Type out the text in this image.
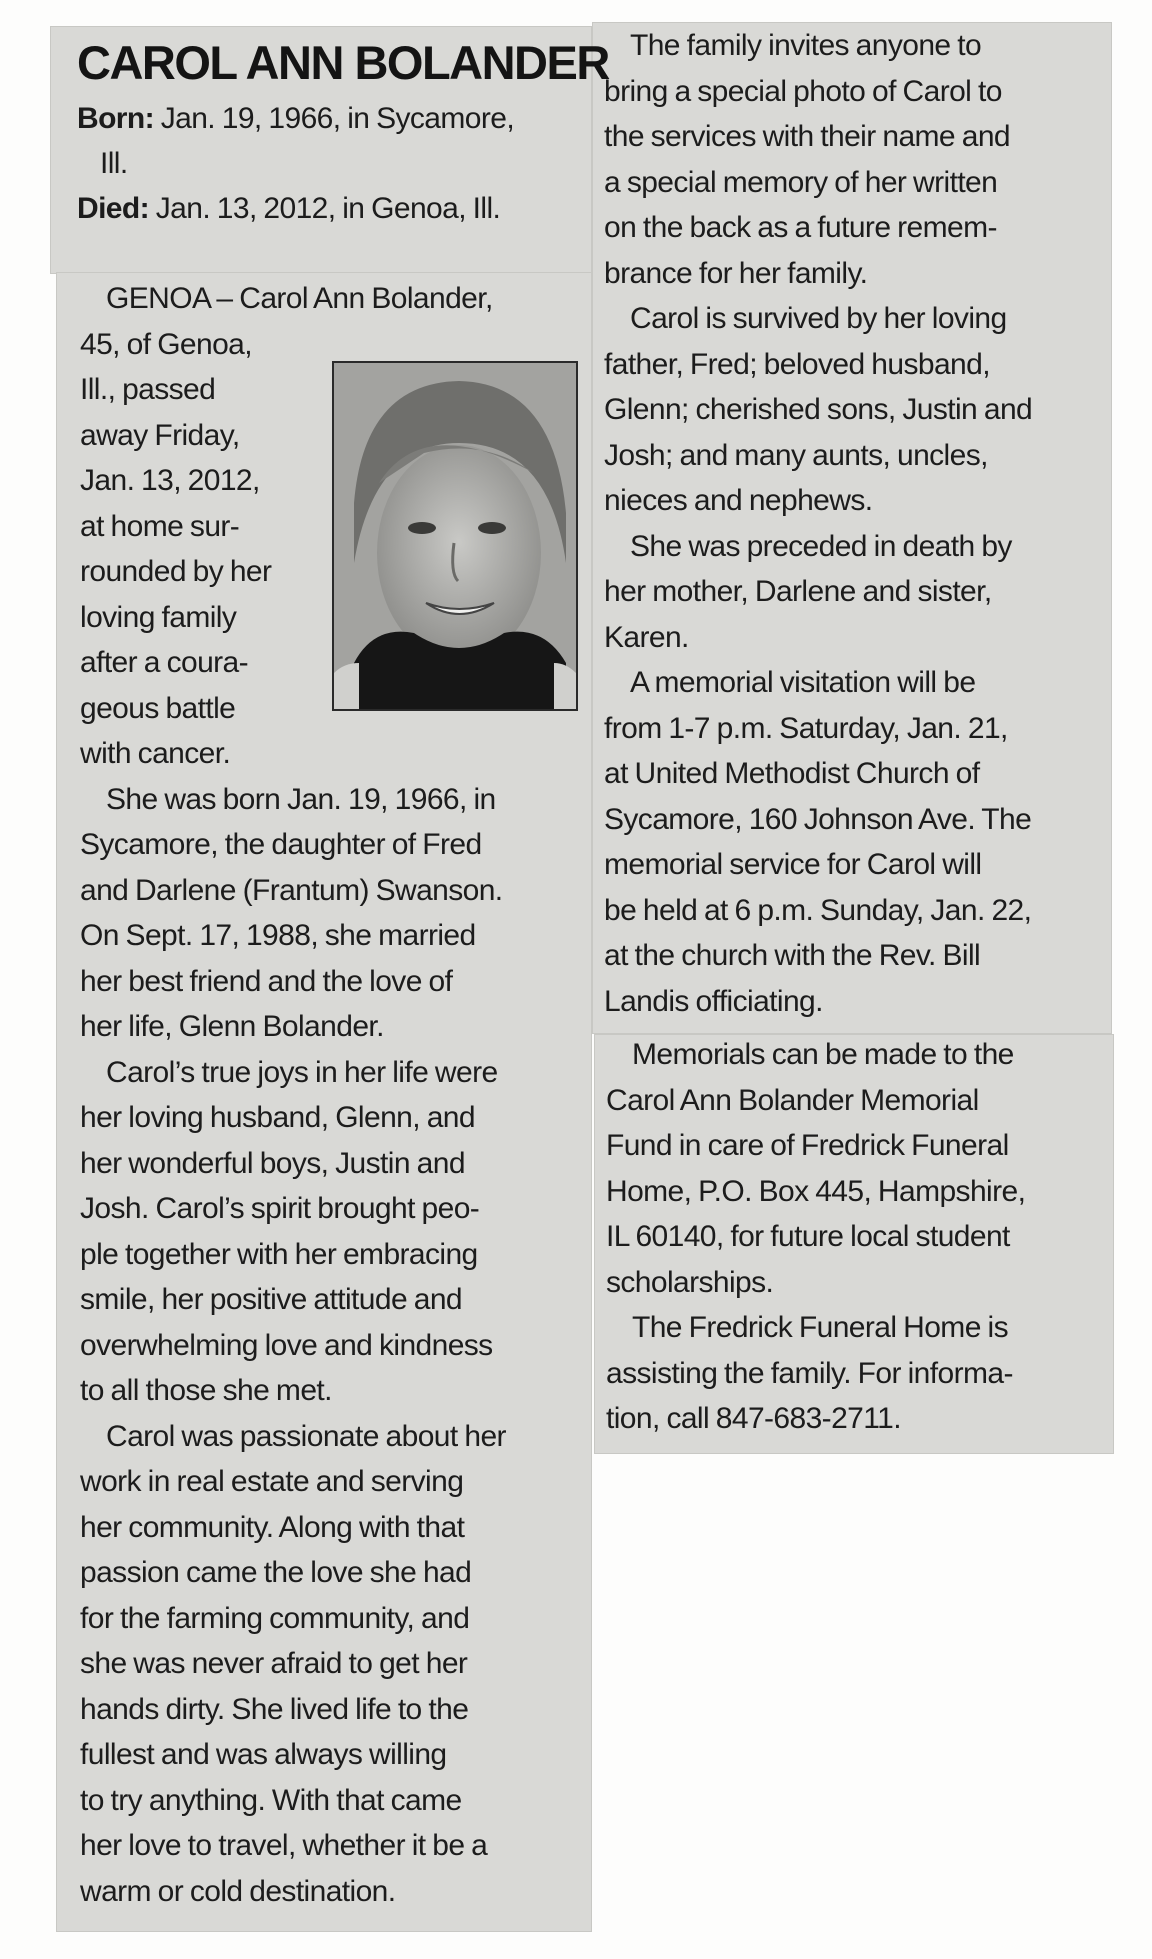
CAROL ANN BOLANDER
Born: Jan. 19, 1966, in Sycamore,
Ill.
Died: Jan. 13, 2012, in Genoa, Ill.

GENOA – Carol Ann Bolander,

45, of Genoa,

Ill., passed

away Friday,

Jan. 13, 2012,

at home sur-

rounded by her

loving family

after a coura-

geous battle

with cancer.

She was born Jan. 19, 1966, in

Sycamore, the daughter of Fred

and Darlene (Frantum) Swanson.

On Sept. 17, 1988, she married

her best friend and the love of

her life, Glenn Bolander.

Carol’s true joys in her life were

her loving husband, Glenn, and

her wonderful boys, Justin and

Josh. Carol’s spirit brought peo-

ple together with her embracing

smile, her positive attitude and

overwhelming love and kindness

to all those she met.

Carol was passionate about her

work in real estate and serving

her community. Along with that

passion came the love she had

for the farming community, and

she was never afraid to get her

hands dirty. She lived life to the

fullest and was always willing

to try anything. With that came

her love to travel, whether it be a

warm or cold destination.

The family invites anyone to

bring a special photo of Carol to

the services with their name and

a special memory of her written

on the back as a future remem-

brance for her family.

Carol is survived by her loving

father, Fred; beloved husband,

Glenn; cherished sons, Justin and

Josh; and many aunts, uncles,

nieces and nephews.

She was preceded in death by

her mother, Darlene and sister,

Karen.

A memorial visitation will be

from 1-7 p.m. Saturday, Jan. 21,

at United Methodist Church of

Sycamore, 160 Johnson Ave. The

memorial service for Carol will

be held at 6 p.m. Sunday, Jan. 22,

at the church with the Rev. Bill

Landis officiating.

Memorials can be made to the

Carol Ann Bolander Memorial

Fund in care of Fredrick Funeral

Home, P.O. Box 445, Hampshire,

IL 60140, for future local student

scholarships.

The Fredrick Funeral Home is

assisting the family. For informa-

tion, call 847-683-2711.
